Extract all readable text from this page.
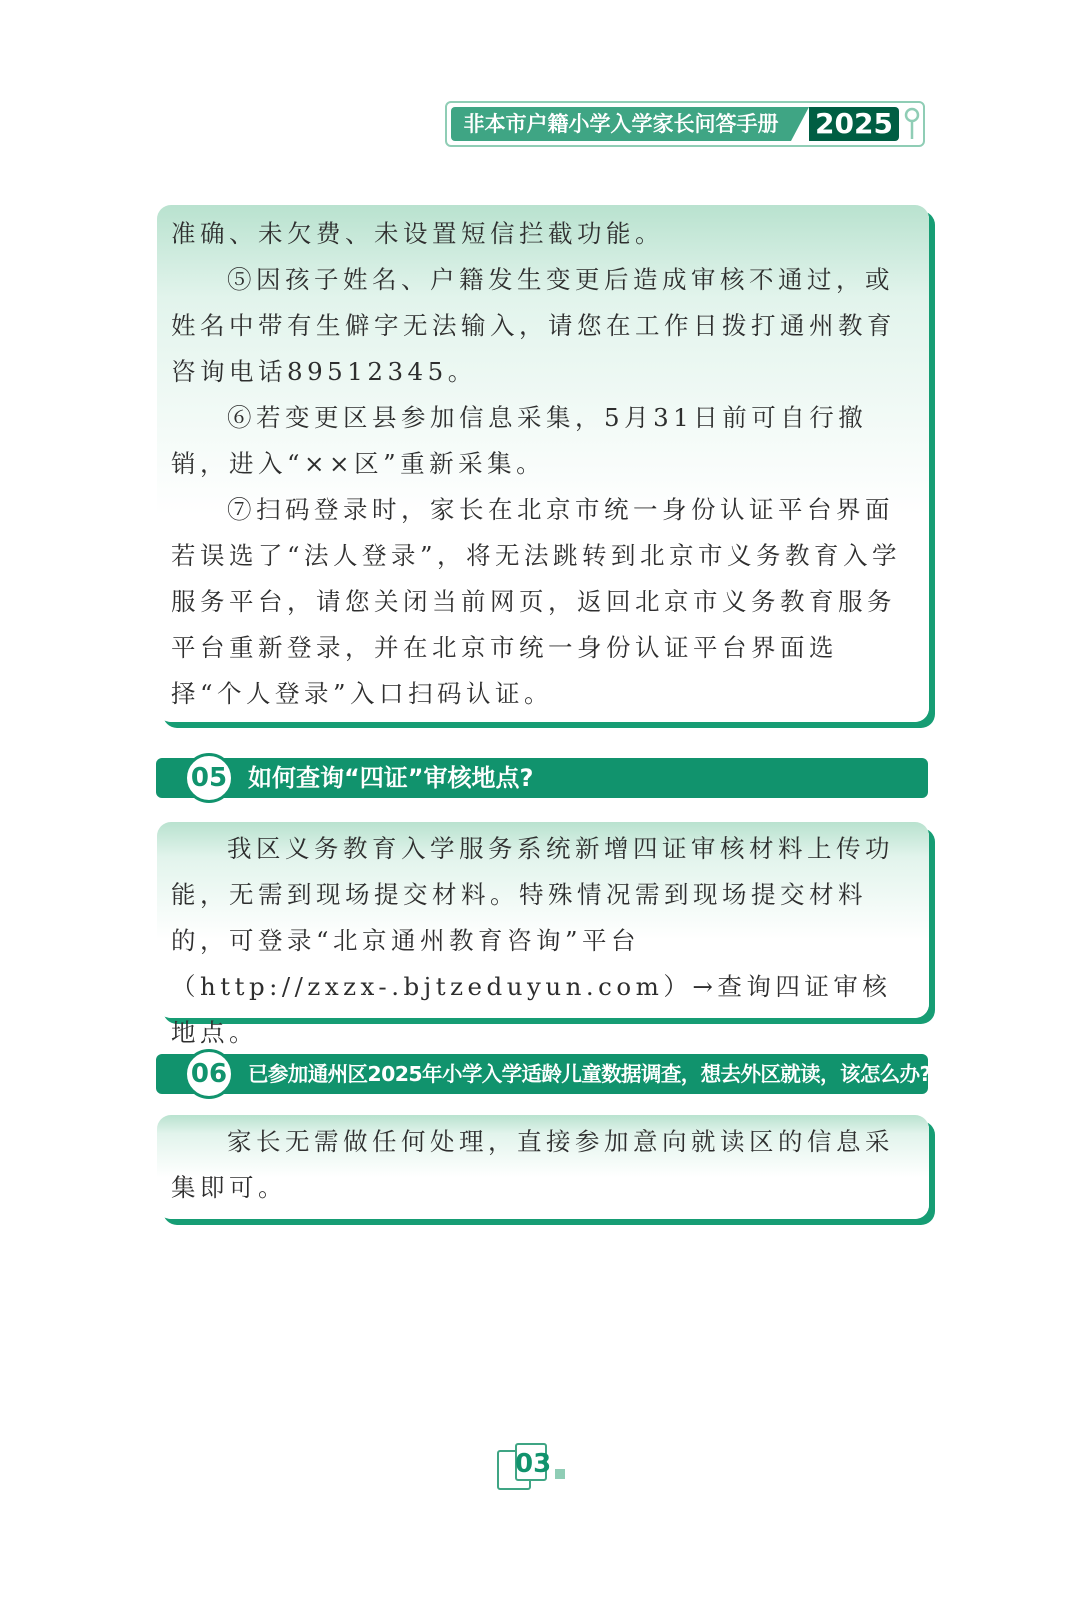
非本市户籍小学入学家长问答手册	2025

准确、未欠费、未设置短信拦截功能。

⑤因孩子姓名、户籍发生变更后造成审核不通过，或姓名中带有生僻字无法输入，请您在工作日拨打通州教育咨询电话89512345。

⑥若变更区县参加信息采集，5月31日前可自行撤销，进入“××区”重新采集。

⑦扫码登录时，家长在北京市统一身份认证平台界面若误选了“法人登录”，将无法跳转到北京市义务教育入学服务平台，请您关闭当前网页，返回北京市义务教育服务平台重新登录，并在北京市统一身份认证平台界面选择“个人登录”入口扫码认证。

05 如何查询“四证”审核地点?

我区义务教育入学服务系统新增四证审核材料上传功能，无需到现场提交材料。特殊情况需到现场提交材料的，可登录“北京通州教育咨询”平台（http://zxzx-.bjtzeduyun.com）→查询四证审核地点。

06	已参加通州区2025年小学入学适龄儿童数据调查，想去外区就读，该怎么办?

家长无需做任何处理，直接参加意向就读区的信息采集即可。

03
